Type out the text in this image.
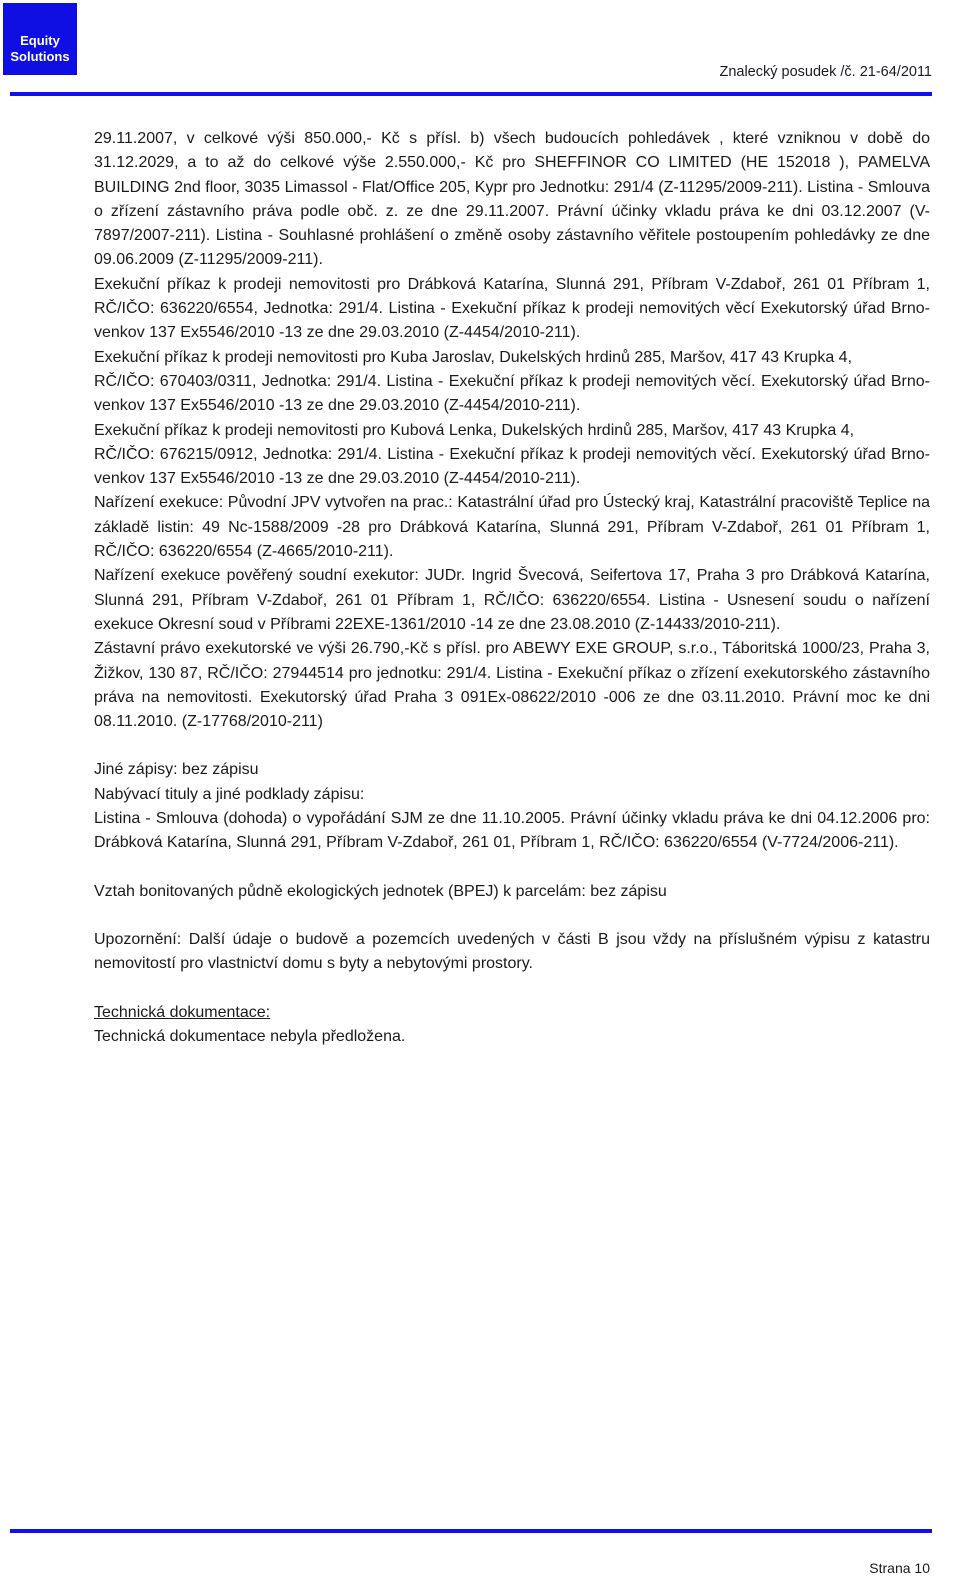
Equity
Solutions
Znalecký posudek /č. 21-64/2011

29.11.2007, v celkové výši 850.000,- Kč s přísl. b) všech budoucích pohledávek , které vzniknou v době do 31.12.2029, a to až do celkové výše 2.550.000,- Kč pro SHEFFINOR CO LIMITED (HE 152018 ), PAMELVA BUILDING 2nd floor, 3035 Limassol - Flat/Office 205, Kypr pro Jednotku: 291/4 (Z-11295/2009-211). Listina - Smlouva o zřízení zástavního práva podle obč. z. ze dne 29.11.2007. Právní účinky vkladu práva ke dni 03.12.2007 (V-7897/2007-211). Listina - Souhlasné prohlášení o změně osoby zástavního věřitele postoupením pohledávky ze dne 09.06.2009 (Z-11295/2009-211).

Exekuční příkaz k prodeji nemovitosti pro Drábková Katarína, Slunná 291, Příbram V-Zdaboř, 261 01 Příbram 1, RČ/IČO: 636220/6554, Jednotka: 291/4. Listina - Exekuční příkaz k prodeji nemovitých věcí Exekutorský úřad Brno-venkov 137 Ex5546/2010 -13 ze dne 29.03.2010 (Z-4454/2010-211).

Exekuční příkaz k prodeji nemovitosti pro Kuba Jaroslav, Dukelských hrdinů 285, Maršov, 417 43 Krupka 4,

RČ/IČO: 670403/0311, Jednotka: 291/4. Listina - Exekuční příkaz k prodeji nemovitých věcí. Exekutorský úřad Brno-venkov 137 Ex5546/2010 -13 ze dne 29.03.2010 (Z-4454/2010-211).

Exekuční příkaz k prodeji nemovitosti pro Kubová Lenka, Dukelských hrdinů 285, Maršov, 417 43 Krupka 4,

RČ/IČO: 676215/0912, Jednotka: 291/4. Listina - Exekuční příkaz k prodeji nemovitých věcí. Exekutorský úřad Brno-venkov 137 Ex5546/2010 -13 ze dne 29.03.2010 (Z-4454/2010-211).

Nařízení exekuce: Původní JPV vytvořen na prac.: Katastrální úřad pro Ústecký kraj, Katastrální pracoviště Teplice na základě listin: 49 Nc-1588/2009 -28 pro Drábková Katarína, Slunná 291, Příbram V-Zdaboř, 261 01 Příbram 1, RČ/IČO: 636220/6554 (Z-4665/2010-211).

Nařízení exekuce pověřený soudní exekutor: JUDr. Ingrid Švecová, Seifertova 17, Praha 3 pro Drábková Katarína, Slunná 291, Příbram V-Zdaboř, 261 01 Příbram 1, RČ/IČO: 636220/6554. Listina - Usnesení soudu o nařízení exekuce Okresní soud v Příbrami 22EXE-1361/2010 -14 ze dne 23.08.2010 (Z-14433/2010-211).

Zástavní právo exekutorské ve výši 26.790,-Kč s přísl. pro ABEWY EXE GROUP, s.r.o., Táboritská 1000/23, Praha 3, Žižkov, 130 87, RČ/IČO: 27944514 pro jednotku: 291/4. Listina - Exekuční příkaz o zřízení exekutorského zástavního práva na nemovitosti. Exekutorský úřad Praha 3 091Ex-08622/2010 -006 ze dne 03.11.2010. Právní moc ke dni 08.11.2010. (Z-17768/2010-211)

Jiné zápisy: bez zápisu

Nabývací tituly a jiné podklady zápisu:

Listina - Smlouva (dohoda) o vypořádání SJM ze dne 11.10.2005. Právní účinky vkladu práva ke dni 04.12.2006 pro: Drábková Katarína, Slunná 291, Příbram V-Zdaboř, 261 01, Příbram 1, RČ/IČO: 636220/6554 (V-7724/2006-211).

Vztah bonitovaných půdně ekologických jednotek (BPEJ) k parcelám: bez zápisu

Upozornění: Další údaje o budově a pozemcích uvedených v části B jsou vždy na příslušném výpisu z katastru nemovitostí pro vlastnictví domu s byty a nebytovými prostory.

Technická dokumentace:

Technická dokumentace nebyla předložena.

Strana 10
